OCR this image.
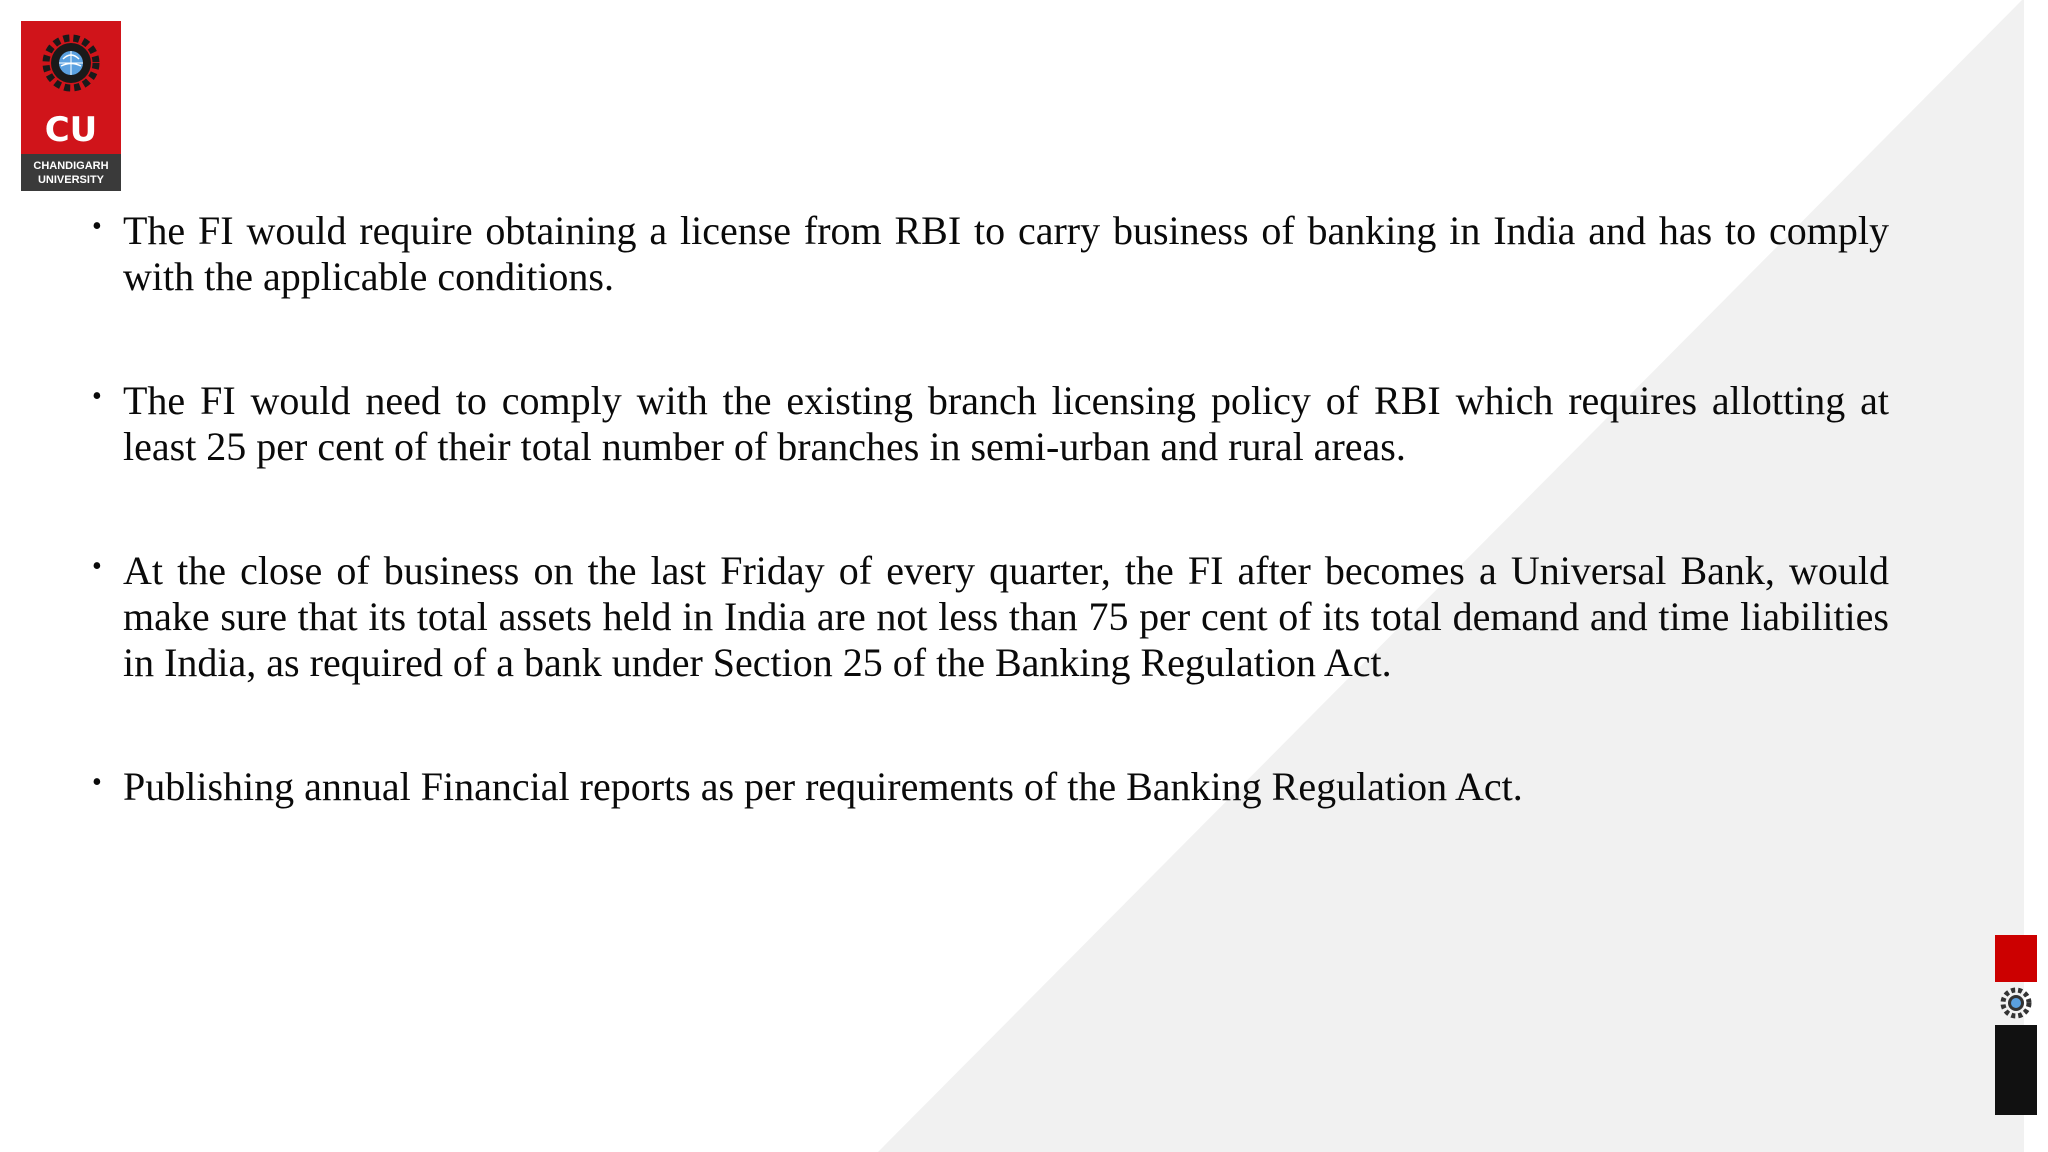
CU
CHANDIGARH
UNIVERSITY
• The FI would require obtaining a license from RBI to carry business of banking in India and has to comply with the applicable conditions.
• The FI would need to comply with the existing branch licensing policy of RBI which requires allotting at least 25 per cent of their total number of branches in semi-urban and rural areas.
• At the close of business on the last Friday of every quarter, the FI after becomes a Universal Bank, would make sure that its total assets held in India are not less than 75 per cent of its total demand and time liabilities in India, as required of a bank under Section 25 of the Banking Regulation Act.
• Publishing annual Financial reports as per requirements of the Banking Regulation Act.
